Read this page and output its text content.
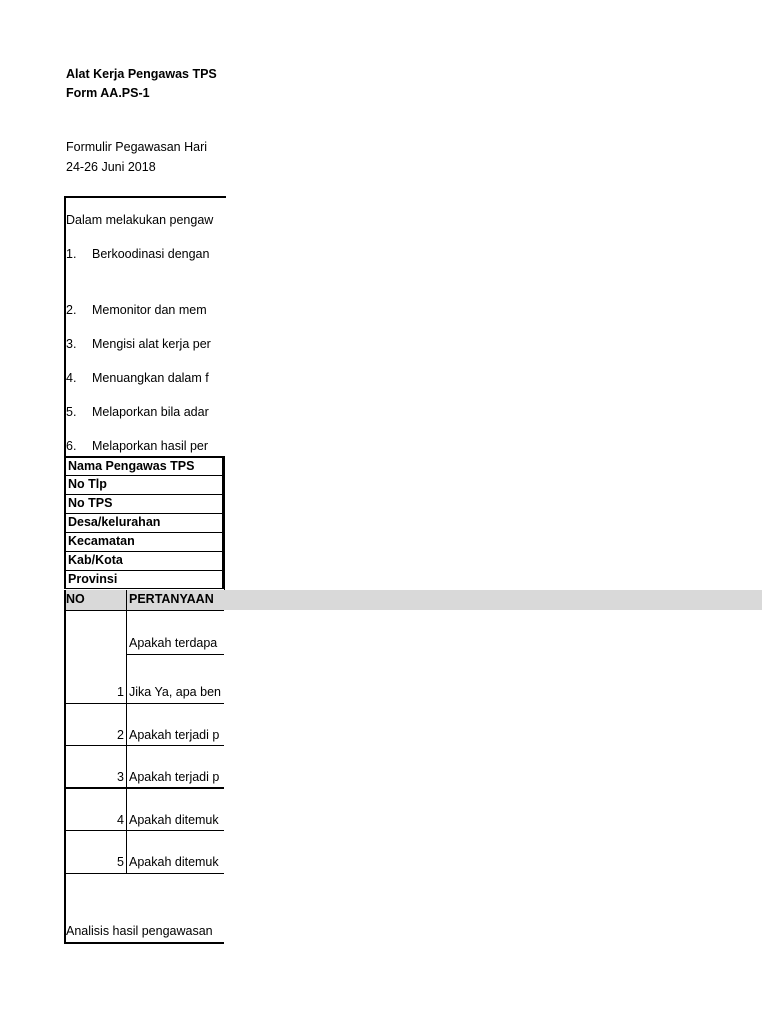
Alat Kerja Pengawas TPS
Form AA.PS-1
Formulir Pegawasan Hari
24-26 Juni 2018
Dalam melakukan pengaw
1. Berkoodinasi dengan
2. Memonitor dan mem
3. Mengisi alat kerja per
4. Menuangkan dalam f
5. Melaporkan bila adar
6. Melaporkan hasil per
Nama Pengawas TPS
No Tlp
No TPS
Desa/kelurahan
Kecamatan
Kab/Kota
Provinsi
NO	PERTANYAAN
Apakah terdapa
1 Jika Ya, apa ben
2 Apakah terjadi p
3 Apakah terjadi p
4 Apakah ditemuk
5 Apakah ditemuk
Analisis hasil pengawasan
